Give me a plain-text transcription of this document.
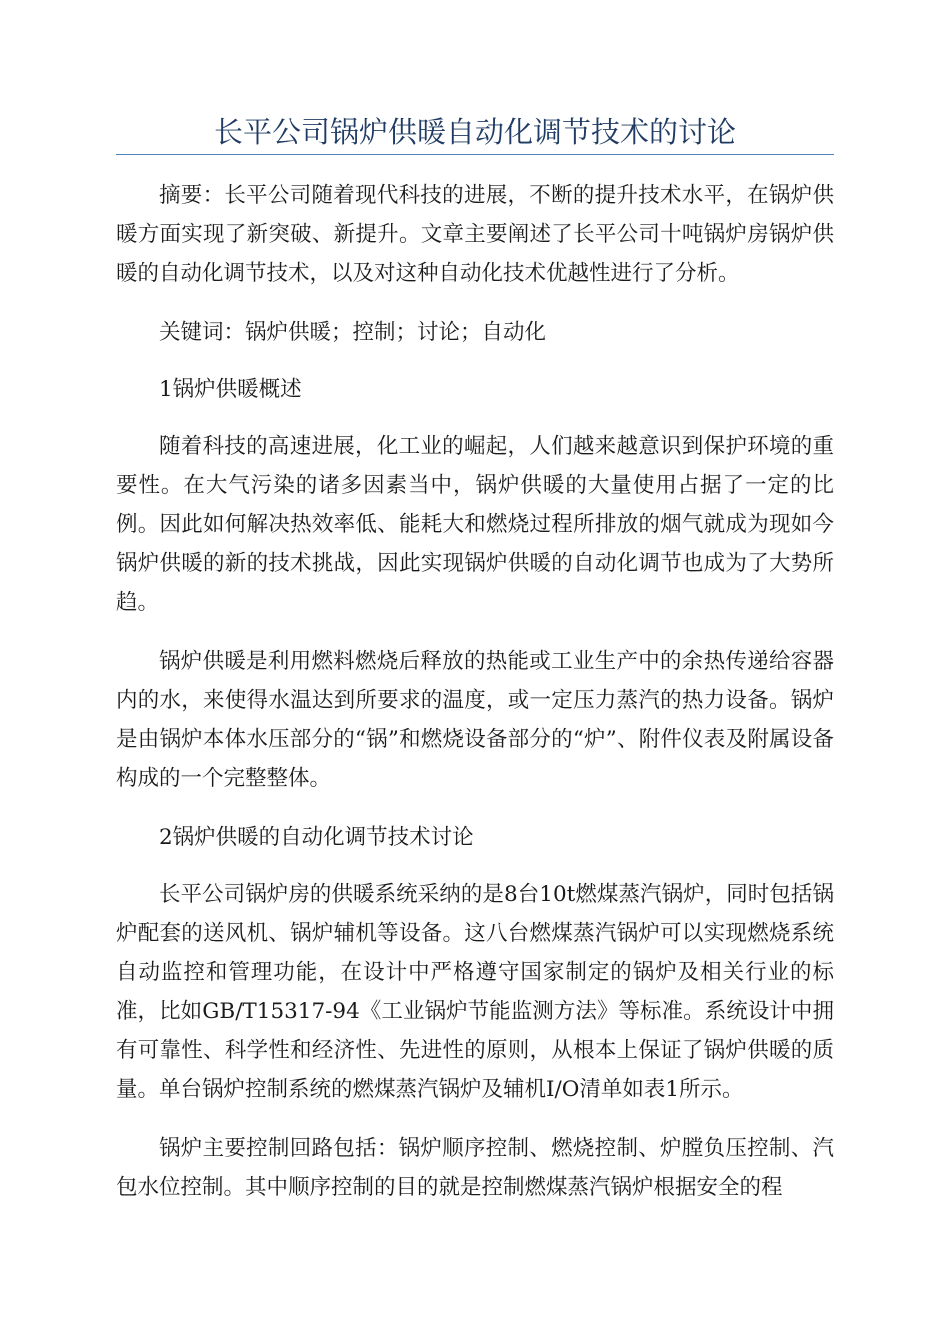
长平公司锅炉供暖自动化调节技术的讨论

摘要：长平公司随着现代科技的进展，不断的提升技术水平，在锅炉供暖方面实现了新突破、新提升。文章主要阐述了长平公司十吨锅炉房锅炉供暖的自动化调节技术，以及对这种自动化技术优越性进行了分析。

关键词：锅炉供暖；控制；讨论；自动化

1锅炉供暖概述

随着科技的高速进展，化工业的崛起，人们越来越意识到保护环境的重要性。在大气污染的诸多因素当中，锅炉供暖的大量使用占据了一定的比例。因此如何解决热效率低、能耗大和燃烧过程所排放的烟气就成为现如今锅炉供暖的新的技术挑战，因此实现锅炉供暖的自动化调节也成为了大势所趋。

锅炉供暖是利用燃料燃烧后释放的热能或工业生产中的余热传递给容器内的水，来使得水温达到所要求的温度，或一定压力蒸汽的热力设备。锅炉是由锅炉本体水压部分的“锅”和燃烧设备部分的“炉”、附件仪表及附属设备构成的一个完整整体。

2锅炉供暖的自动化调节技术讨论

长平公司锅炉房的供暖系统采纳的是8台10t燃煤蒸汽锅炉，同时包括锅炉配套的送风机、锅炉辅机等设备。这八台燃煤蒸汽锅炉可以实现燃烧系统自动监控和管理功能，在设计中严格遵守国家制定的锅炉及相关行业的标准，比如GB/T15317-94《工业锅炉节能监测方法》等标准。系统设计中拥有可靠性、科学性和经济性、先进性的原则，从根本上保证了锅炉供暖的质量。单台锅炉控制系统的燃煤蒸汽锅炉及辅机I/O清单如表1所示。

锅炉主要控制回路包括：锅炉顺序控制、燃烧控制、炉膛负压控制、汽包水位控制。其中顺序控制的目的就是控制燃煤蒸汽锅炉根据安全的程
